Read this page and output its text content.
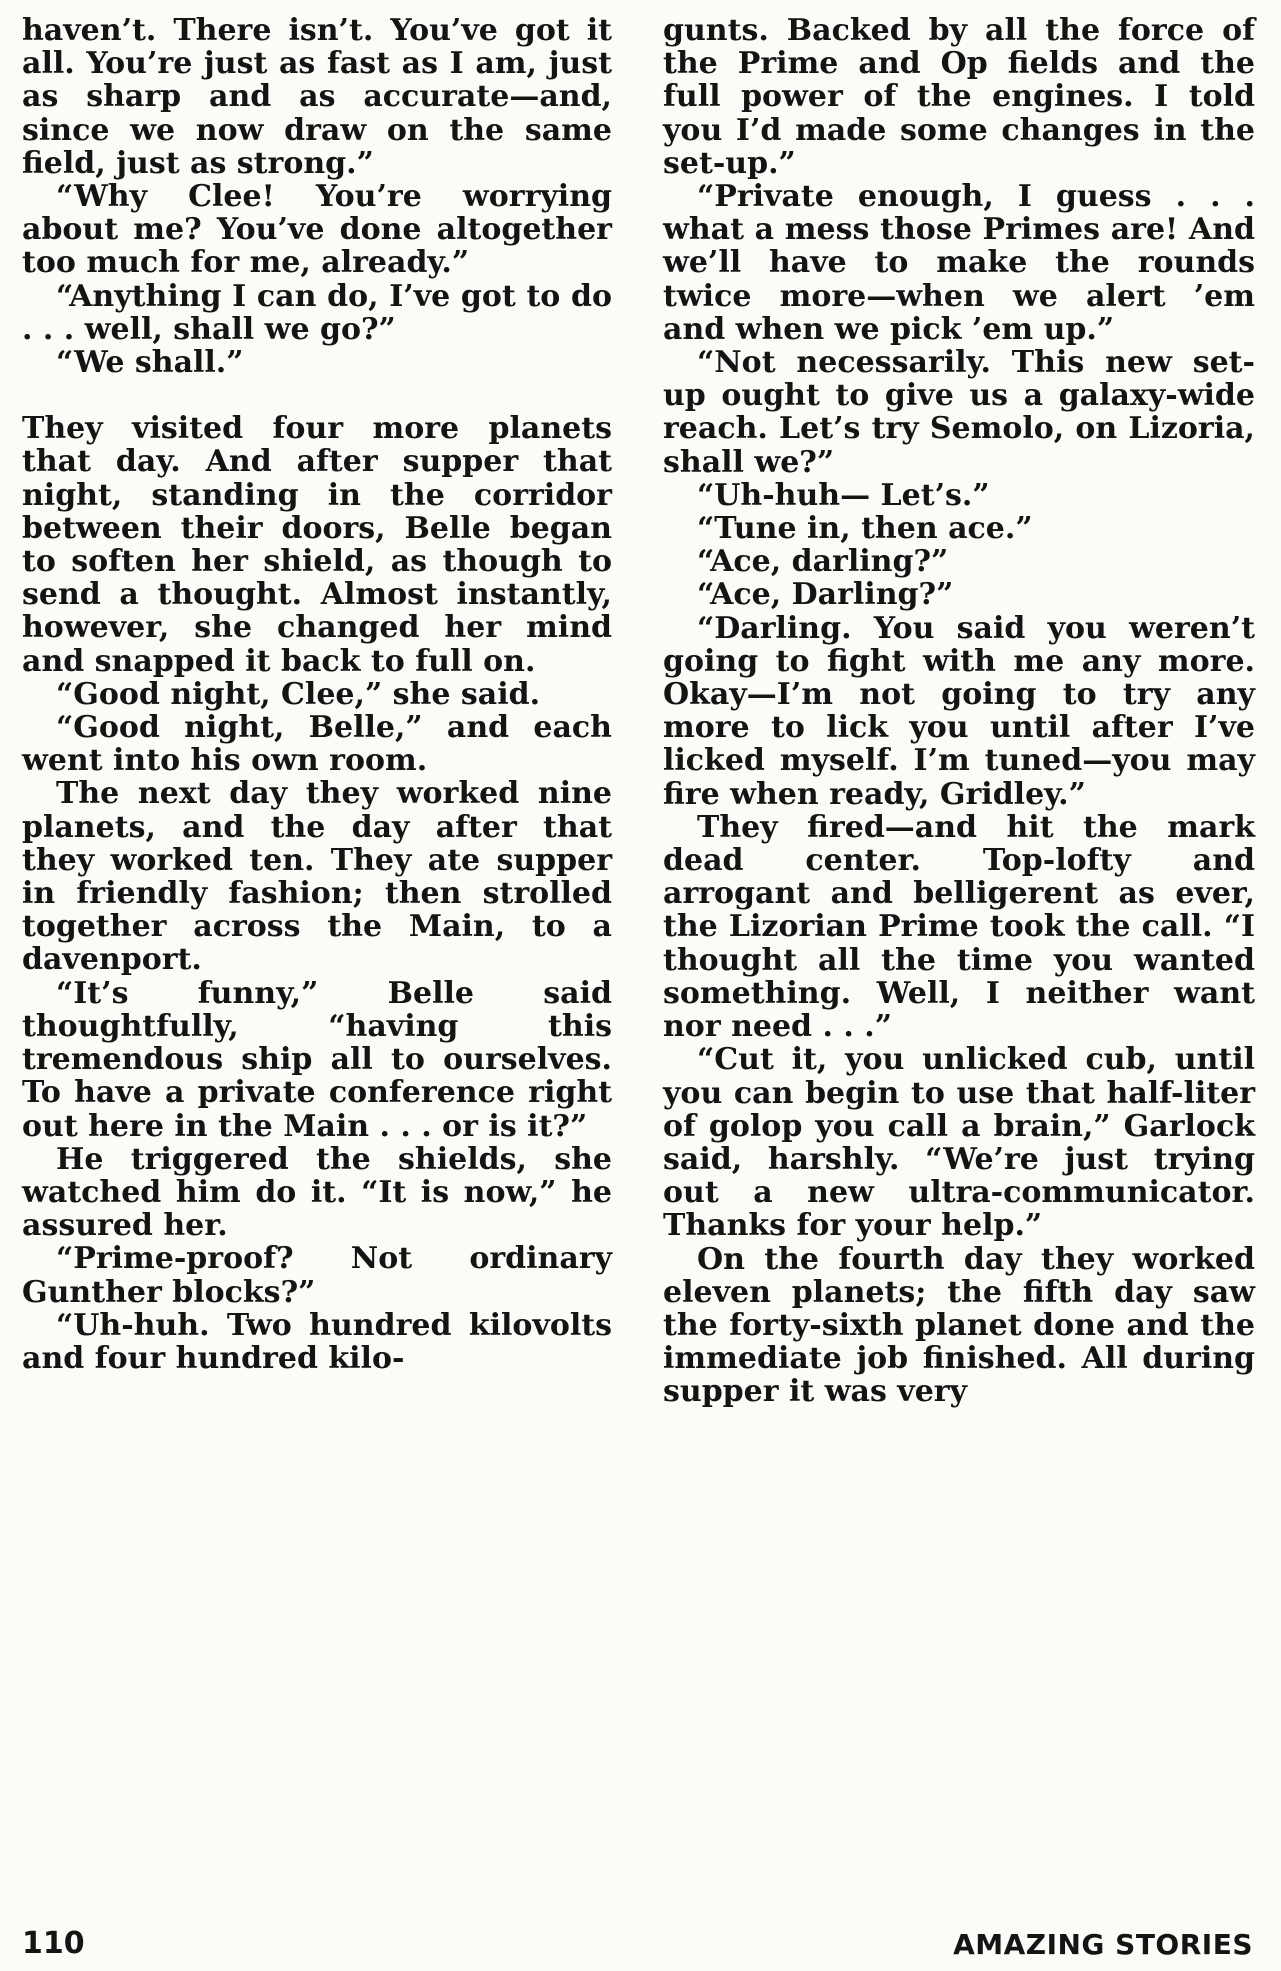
haven’t. There isn’t. You’ve got it all. You’re just as fast as I am, just as sharp and as accurate—and, since we now draw on the same field, just as strong.”

“Why Clee! You’re worrying about me? You’ve done altogether too much for me, already.”

“Anything I can do, I’ve got to do . . . well, shall we go?”

“We shall.”

They visited four more planets that day. And after supper that night, standing in the corridor between their doors, Belle began to soften her shield, as though to send a thought. Almost instantly, however, she changed her mind and snapped it back to full on.

“Good night, Clee,” she said.

“Good night, Belle,” and each went into his own room.

The next day they worked nine planets, and the day after that they worked ten. They ate supper in friendly fashion; then strolled together across the Main, to a davenport.

“It’s funny,” Belle said thoughtfully, “having this tremendous ship all to ourselves. To have a private conference right out here in the Main . . . or is it?”

He triggered the shields, she watched him do it. “It is now,” he assured her.

“Prime-proof? Not ordinary Gunther blocks?”

“Uh-huh. Two hundred kilovolts and four hundred kilo-

gunts. Backed by all the force of the Prime and Op fields and the full power of the engines. I told you I’d made some changes in the set-up.”

“Private enough, I guess . . . what a mess those Primes are! And we’ll have to make the rounds twice more—when we alert ’em and when we pick ’em up.”

“Not necessarily. This new set-up ought to give us a galaxy-wide reach. Let’s try Semolo, on Lizoria, shall we?”

“Uh-huh— Let’s.”

“Tune in, then ace.”

“Ace, darling?”

“Ace, Darling?”

“Darling. You said you weren’t going to fight with me any more. Okay—I’m not going to try any more to lick you until after I’ve licked myself. I’m tuned—you may fire when ready, Gridley.”

They fired—and hit the mark dead center. Top-lofty and arrogant and belligerent as ever, the Lizorian Prime took the call. “I thought all the time you wanted something. Well, I neither want nor need . . .”

“Cut it, you unlicked cub, until you can begin to use that half-liter of golop you call a brain,” Garlock said, harshly. “We’re just trying out a new ultra-communicator. Thanks for your help.”

On the fourth day they worked eleven planets; the fifth day saw the forty-sixth planet done and the immediate job finished. All during supper it was very

110	AMAZING STORIES
